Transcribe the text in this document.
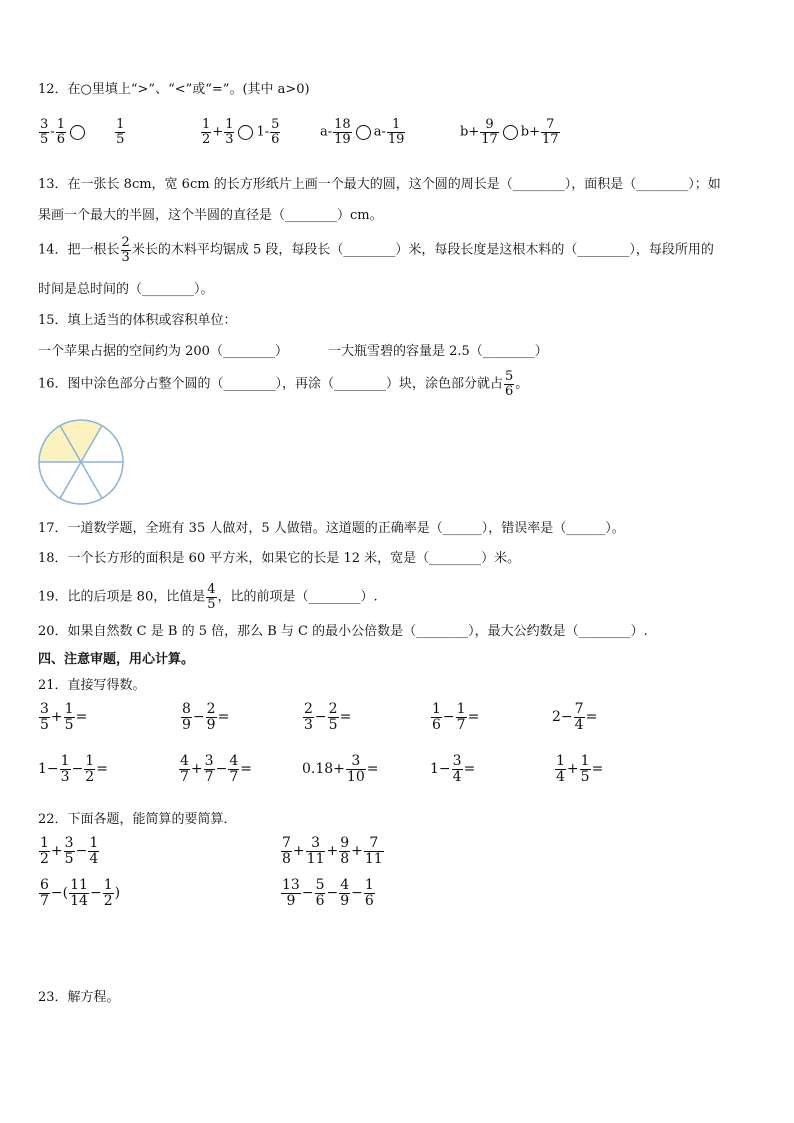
12．在○里填上“>”、“<”或“=”。(其中 a>0)
$\frac{3}{5} - \frac{1}{6}$
	$\frac{1}{5}$	$\frac{1}{2} + \frac{1}{3} 1- \frac{5}{6}$	$a- \frac{18}{19} a- \frac{1}{19}$	$b+ \frac{9}{17} b+ \frac{7}{17}$
13．在一张长 8cm，宽 6cm 的长方形纸片上画一个最大的圆，这个圆的周长是（________），面积是（________）；如
果画一个最大的半圆，这个半圆的直径是（________）cm。
14．把一根长 $\frac{2}{3}$ 米长的木料平均锯成 5 段，每段长（________）米，每段长度是这根木料的（________），每段所用的
时间是总时间的（________）。
15．填上适当的体积或容积单位：
一个苹果占据的空间约为 200（________）	一大瓶雪碧的容量是 2.5（________）
16．图中涂色部分占整个圆的（________），再涂（________）块，涂色部分就占 $\frac{5}{6}$ 。
17．一道数学题，全班有 35 人做对，5 人做错。这道题的正确率是（______），错误率是（______）。
18．一个长方形的面积是 60 平方米，如果它的长是 12 米，宽是（________）米。
19．比的后项是 80，比值是 $\frac{4}{5}$ ，比的前项是（________）.
20．如果自然数 C 是 B 的 5 倍，那么 B 与 C 的最小公倍数是（________），最大公约数是（________）.
四、注意审题，用心计算。
21．直接写得数。
$\frac{3}{5} + \frac{1}{5}$ =	$\frac{8}{9} - \frac{2}{9}$ =	$\frac{2}{3} - \frac{2}{5}$ =	$\frac{1}{6} - \frac{1}{7}$ =	$2- \frac{7}{4}$ =
$1- \frac{1}{3} - \frac{1}{2}$ =	$\frac{4}{7} + \frac{3}{7} - \frac{4}{7}$ =	$0.18+ \frac{3}{10}$ =	$1- \frac{3}{4}$ =	$\frac{1}{4} + \frac{1}{5}$ =
22．下面各题，能简算的要简算．
$\frac{1}{2} + \frac{3}{5} - \frac{1}{4}$	$\frac{7}{8} + \frac{3}{11} + \frac{9}{8} + \frac{7}{11}$
$\frac{6}{7}$ −( $\frac{11}{14} - \frac{1}{2}$ )	$\frac{13}{9} - \frac{5}{6} - \frac{4}{9} - \frac{1}{6}$
23．解方程。
